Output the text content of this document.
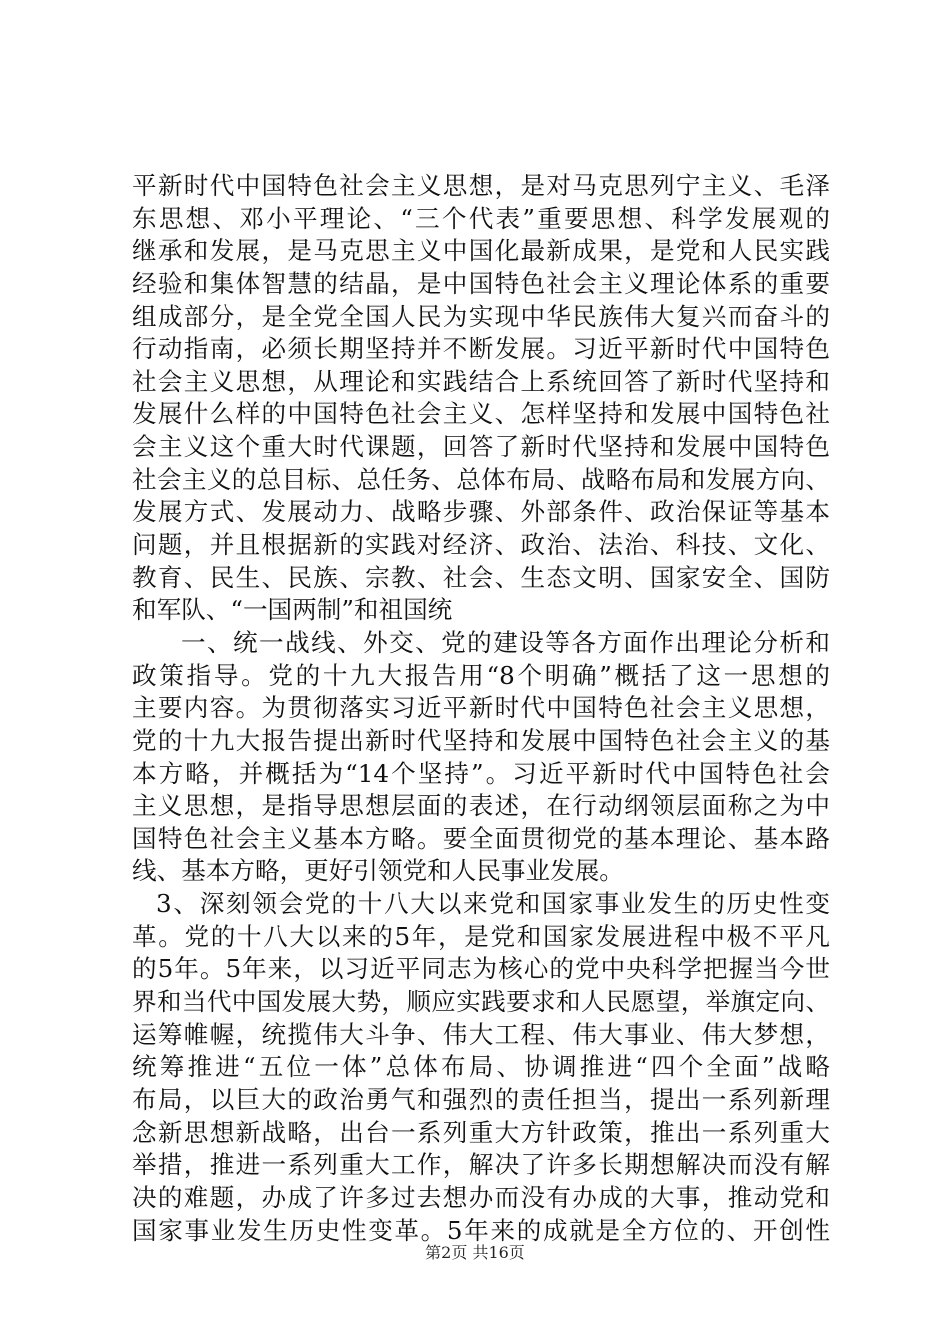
平新时代中国特色社会主义思想，是对马克思列宁主义、毛泽
东思想、邓小平理论、“三个代表”重要思想、科学发展观的
继承和发展，是马克思主义中国化最新成果，是党和人民实践
经验和集体智慧的结晶，是中国特色社会主义理论体系的重要
组成部分，是全党全国人民为实现中华民族伟大复兴而奋斗的
行动指南，必须长期坚持并不断发展。习近平新时代中国特色
社会主义思想，从理论和实践结合上系统回答了新时代坚持和
发展什么样的中国特色社会主义、怎样坚持和发展中国特色社
会主义这个重大时代课题，回答了新时代坚持和发展中国特色
社会主义的总目标、总任务、总体布局、战略布局和发展方向、
发展方式、发展动力、战略步骤、外部条件、政治保证等基本
问题，并且根据新的实践对经济、政治、法治、科技、文化、
教育、民生、民族、宗教、社会、生态文明、国家安全、国防
和军队、“一国两制”和祖国统
一、统一战线、外交、党的建设等各方面作出理论分析和
政策指导。党的十九大报告用“8个明确”概括了这一思想的
主要内容。为贯彻落实习近平新时代中国特色社会主义思想，
党的十九大报告提出新时代坚持和发展中国特色社会主义的基
本方略，并概括为“14个坚持”。习近平新时代中国特色社会
主义思想，是指导思想层面的表述，在行动纲领层面称之为中
国特色社会主义基本方略。要全面贯彻党的基本理论、基本路
线、基本方略，更好引领党和人民事业发展。
3、深刻领会党的十八大以来党和国家事业发生的历史性变
革。党的十八大以来的5年，是党和国家发展进程中极不平凡
的5年。5年来，以习近平同志为核心的党中央科学把握当今世
界和当代中国发展大势，顺应实践要求和人民愿望，举旗定向、
运筹帷幄，统揽伟大斗争、伟大工程、伟大事业、伟大梦想，
统筹推进“五位一体”总体布局、协调推进“四个全面”战略
布局，以巨大的政治勇气和强烈的责任担当，提出一系列新理
念新思想新战略，出台一系列重大方针政策，推出一系列重大
举措，推进一系列重大工作，解决了许多长期想解决而没有解
决的难题，办成了许多过去想办而没有办成的大事，推动党和
国家事业发生历史性变革。5年来的成就是全方位的、开创性
第2页 共16页
